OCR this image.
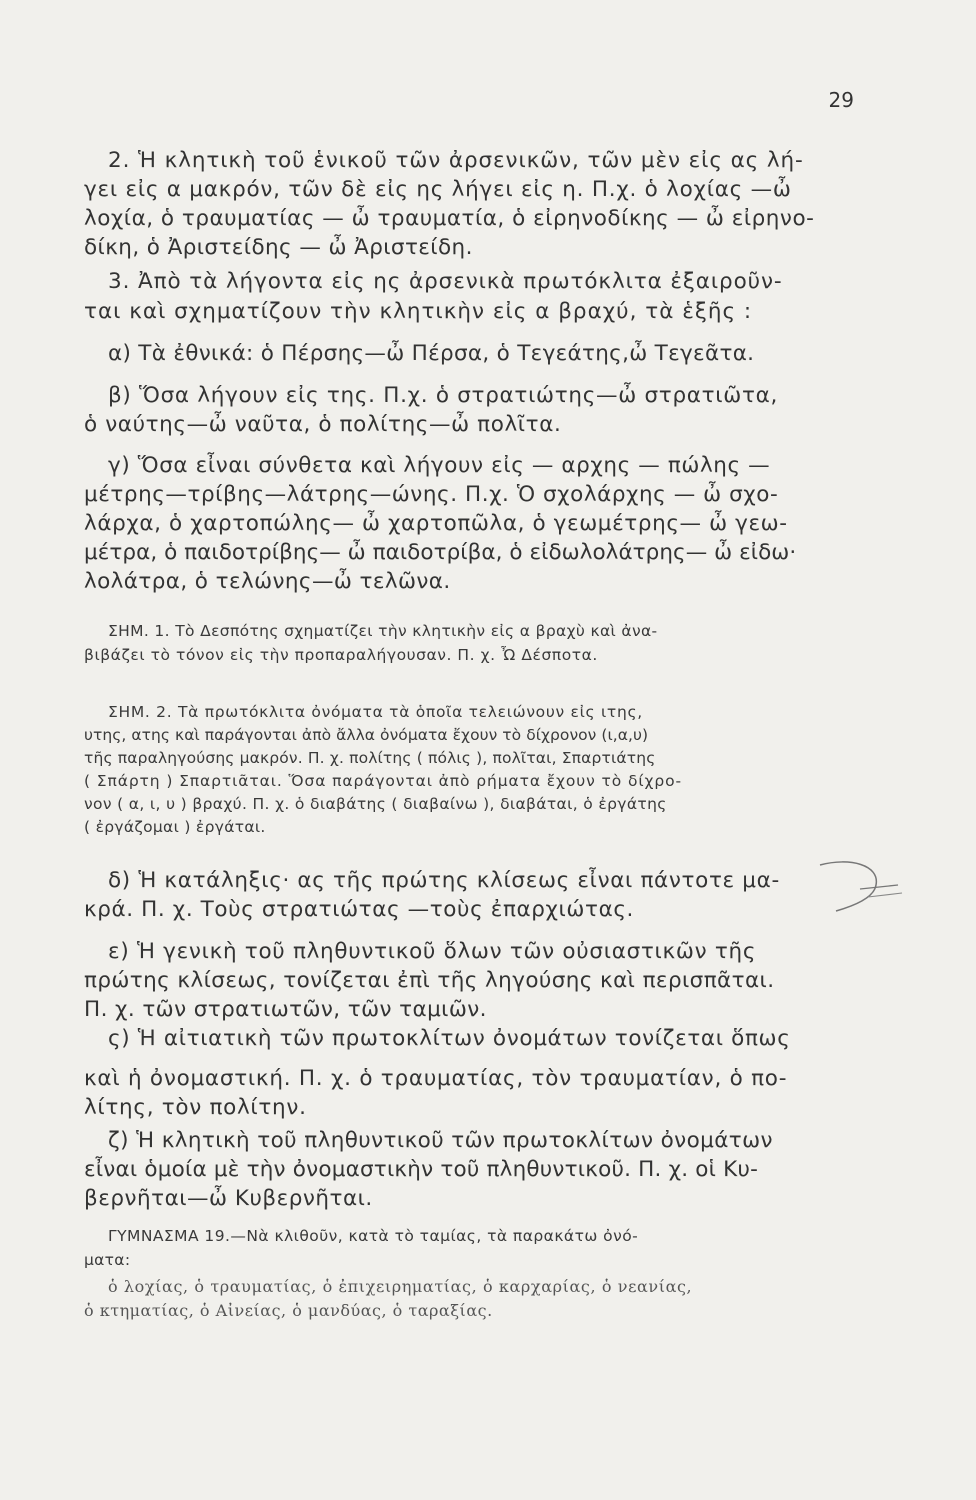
29
2. Ἡ κλητικὴ τοῦ ἑνικοῦ τῶν ἀρσενικῶν, τῶν μὲν εἰς ας λή-
γει εἰς α μακρόν, τῶν δὲ εἰς ης λήγει εἰς η. Π.χ. ὁ λοχίας —ὦ
λοχία, ὁ τραυματίας — ὦ τραυματία, ὁ εἰρηνοδίκης — ὦ εἰρηνο-
δίκη, ὁ Ἀριστείδης — ὦ Ἀριστείδη.
3. Ἀπὸ τὰ λήγοντα εἰς ης ἀρσενικὰ πρωτόκλιτα ἐξαιροῦν-
ται καὶ σχηματίζουν τὴν κλητικὴν εἰς α βραχύ, τὰ ἑξῆς :
α) Τὰ ἐθνικά: ὁ Πέρσης—ὦ Πέρσα, ὁ Τεγεάτης,ὦ Τεγεᾶτα.
β) Ὅσα λήγουν εἰς της. Π.χ. ὁ στρατιώτης—ὦ στρατιῶτα,
ὁ ναύτης—ὦ ναῦτα, ὁ πολίτης—ὦ πολῖτα.
γ) Ὅσα εἶναι σύνθετα καὶ λήγουν εἰς — αρχης — πώλης —
μέτρης—τρίβης—λάτρης—ώνης. Π.χ. Ὁ σχολάρχης — ὦ σχο-
λάρχα, ὁ χαρτοπώλης— ὦ χαρτοπῶλα, ὁ γεωμέτρης— ὦ γεω-
μέτρα, ὁ παιδοτρίβης— ὦ παιδοτρίβα, ὁ εἰδωλολάτρης— ὦ εἰδω·
λολάτρα, ὁ τελώνης—ὦ τελῶνα.
ΣΗΜ. 1. Τὸ Δεσπότης σχηματίζει τὴν κλητικὴν εἰς α βραχὺ καὶ ἀνα-
βιβάζει τὸ τόνον εἰς τὴν προπαραλήγουσαν. Π. χ. Ὦ Δέσποτα.
ΣΗΜ. 2. Τὰ πρωτόκλιτα ὀνόματα τὰ ὁποῖα τελειώνουν εἰς ιτης,
υτης, ατης καὶ παράγονται ἀπὸ ἄλλα ὀνόματα ἔχουν τὸ δίχρονον (ι,α,υ)
τῆς παραληγούσης μακρόν. Π. χ. πολίτης ( πόλις ), πολῖται, Σπαρτιάτης
( Σπάρτη ) Σπαρτιᾶται. Ὅσα παράγονται ἀπὸ ρήματα ἔχουν τὸ δίχρο-
νον ( α, ι, υ ) βραχύ. Π. χ. ὁ διαβάτης ( διαβαίνω ), διαβάται, ὁ ἐργάτης
( ἐργάζομαι ) ἐργάται.
δ) Ἡ κατάληξις· ας τῆς πρώτης κλίσεως εἶναι πάντοτε μα-
κρά. Π. χ. Τοὺς στρατιώτας —τοὺς ἐπαρχιώτας.
ε) Ἡ γενικὴ τοῦ πληθυντικοῦ ὅλων τῶν οὐσιαστικῶν τῆς
πρώτης κλίσεως, τονίζεται ἐπὶ τῆς ληγούσης καὶ περισπᾶται.
Π. χ. τῶν στρατιωτῶν, τῶν ταμιῶν.
ς) Ἡ αἰτιατικὴ τῶν πρωτοκλίτων ὀνομάτων τονίζεται ὅπως
καὶ ἡ ὀνομαστική. Π. χ. ὁ τραυματίας, τὸν τραυματίαν, ὁ πο-
λίτης, τὸν πολίτην.
ζ) Ἡ κλητικὴ τοῦ πληθυντικοῦ τῶν πρωτοκλίτων ὀνομάτων
εἶναι ὁμοία μὲ τὴν ὀνομαστικὴν τοῦ πληθυντικοῦ. Π. χ. οἱ Κυ-
βερνῆται—ὦ Κυβερνῆται.
ΓΥΜΝΑΣΜΑ 19.—Νὰ κλιθοῦν, κατὰ τὸ ταμίας, τὰ παρακάτω ὀνό-
ματα:
ὁ λοχίας, ὁ τραυματίας, ὁ ἐπιχειρηματίας, ὁ καρχαρίας, ὁ νεανίας,
ὁ κτηματίας, ὁ Αἰνείας, ὁ μανδύας, ὁ ταραξίας.
